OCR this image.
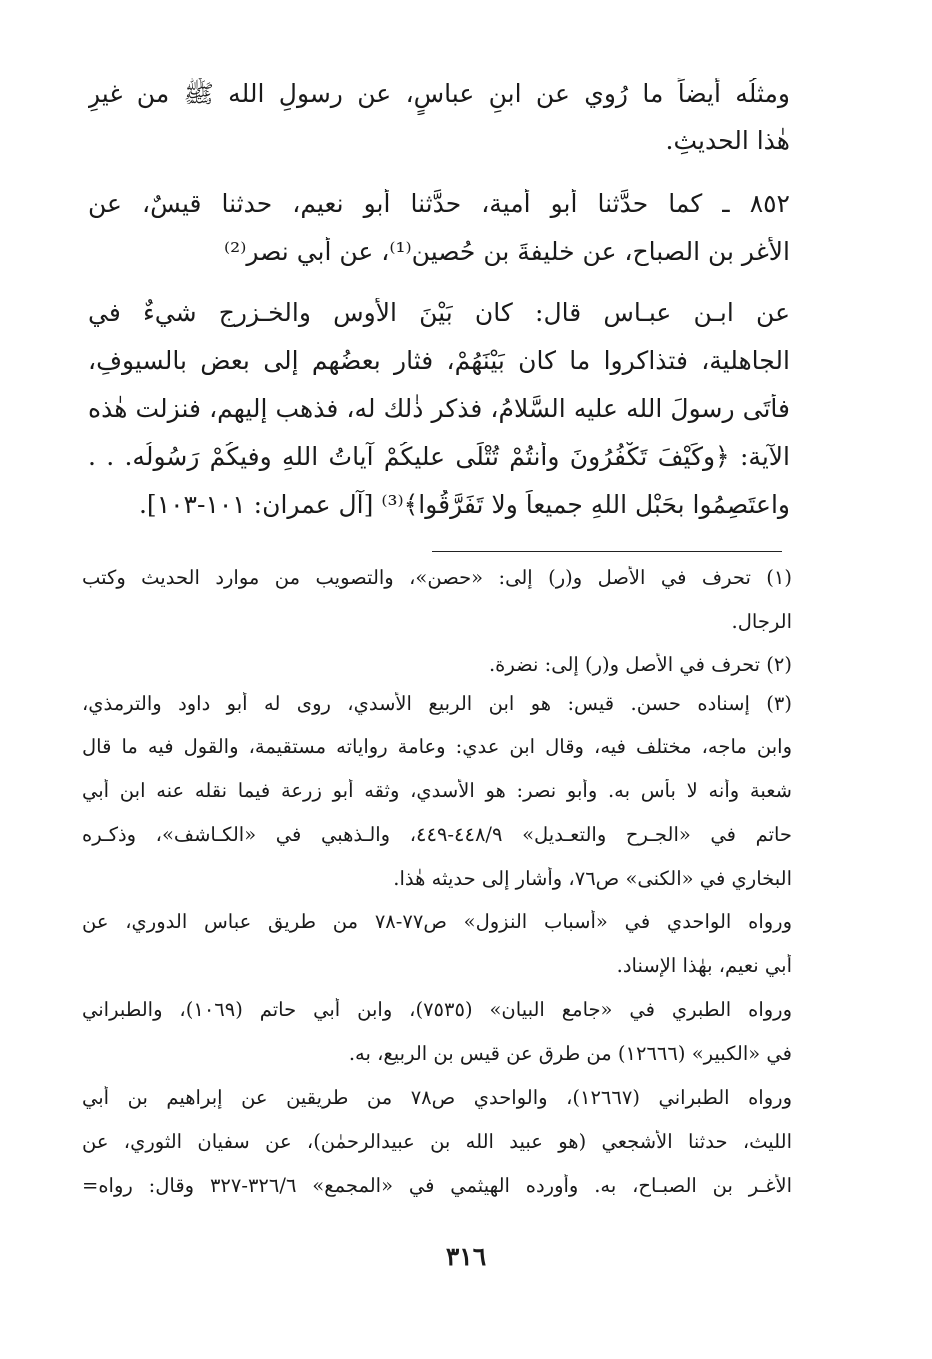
ومثلُه أيضاً ما رُوي عن ابنِ عباسٍ، عن رسولِ الله ﷺ من غيرِ

هٰذا الحديثِ.

٨٥٢ ـ كما حدَّثنا أبو أمية، حدَّثنا أبو نعيم، حدثنا قيسٌ، عن

الأغرِ بنِ الصباحِ، عن خليفةَ بنِ حُصين⁽¹⁾، عن أبي نصر⁽²⁾

عن ابـنِ عبـاسٍ قال: كان بَيْنَ الأوسِ والخـزرجِ شيءٌ في

الجاهلية، فتذاكروا ما كان بَيْنَهُمْ، فثار بعضُهم إلى بعضٍ بالسيوفِ،

فأتَى رسولَ الله عليه السَّلامُ، فذكر ذٰلك له، فذهب إليهم، فنزلت هٰذه

الآية: ﴿وكَيْفَ تَكْفُرُونَ وأنتُمْ تُتْلَى عليكُمْ آياتُ اللهِ وفيكُمْ رَسُولُه. . .

واعتَصِمُوا بحَبْلِ اللهِ جميعاً ولا تَفَرَّقُوا﴾⁽³⁾ [آل عمران: ١٠١-١٠٣].

(١) تحرف في الأصل و(ر) إلى: «حصن»، والتصويب من موارد الحديث وكتب

الرجال.

(٢) تحرف في الأصل و(ر) إلى: نضرة.

(٣) إسناده حسن. قيس: هو ابن الربيع الأسدي، روى له أبو داود والترمذي،

وابن ماجه، مختلف فيه، وقال ابن عدي: وعامة رواياته مستقيمة، والقول فيه ما قال

شعبة وأنه لا بأس به. وأبو نصر: هو الأسدي، وثقه أبو زرعة فيما نقله عنه ابن أبي

حاتم في «الجـرح والتعـديل» ٤٤٨/٩-٤٤٩، والـذهبي في «الكـاشف»، وذكـره

البخاري في «الكنى» ص٧٦، وأشار إلى حديثه هٰذا.

ورواه الواحدي في «أسباب النزول» ص٧٧-٧٨ من طريق عباس الدوري، عن

أبي نعيم، بهٰذا الإسناد.

ورواه الطبري في «جامع البيان» (٧٥٣٥)، وابن أبي حاتم (١٠٦٩)، والطبراني

في «الكبير» (١٢٦٦٦) من طرق عن قيس بن الربيع، به.

ورواه الطبراني (١٢٦٦٧)، والواحدي ص٧٨ من طريقين عن إبراهيم بن أبي

الليث، حدثنا الأشجعي (هو عبيد الله بن عبيدالرحمٰن)، عن سفيان الثوري، عن

الأغـر بن الصبـاح، به. وأورده الهيثمي في «المجمع» ٣٢٦/٦-٣٢٧ وقال: رواه=

٣١٦
